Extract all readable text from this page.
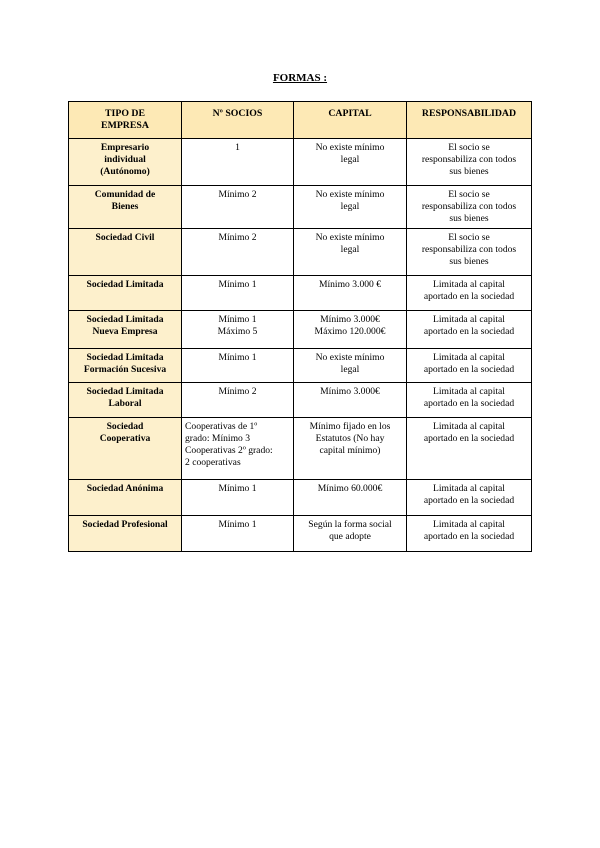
FORMAS :
TIPO DE
EMPRESA	Nº SOCIOS	CAPITAL	RESPONSABILIDAD

Empresario
individual
(Autónomo)	1	No existe mínimo
legal	El socio se
responsabiliza con todos
sus bienes

Comunidad de
Bienes	Mínimo 2	No existe mínimo
legal	El socio se
responsabiliza con todos
sus bienes

Sociedad Civil	Mínimo 2	No existe mínimo
legal	El socio se
responsabiliza con todos
sus bienes

Sociedad Limitada	Mínimo 1	Mínimo 3.000 €	Limitada al capital
aportado en la sociedad

Sociedad Limitada
Nueva Empresa	Mínimo 1
Máximo 5	Mínimo 3.000€
Máximo 120.000€	Limitada al capital
aportado en la sociedad

Sociedad Limitada
Formación Sucesiva	Mínimo 1	No existe mínimo
legal	Limitada al capital
aportado en la sociedad

Sociedad Limitada
Laboral	Mínimo 2	Mínimo 3.000€	Limitada al capital
aportado en la sociedad

Sociedad
Cooperativa	Cooperativas de 1º
grado: Mínimo 3
Cooperativas 2º grado:
2 cooperativas	Mínimo fijado en los
Estatutos (No hay
capital mínimo)	Limitada al capital
aportado en la sociedad

Sociedad Anónima	Mínimo 1	Mínimo 60.000€	Limitada al capital
aportado en la sociedad

Sociedad Profesional	Mínimo 1	Según la forma social
que adopte	Limitada al capital
aportado en la sociedad
